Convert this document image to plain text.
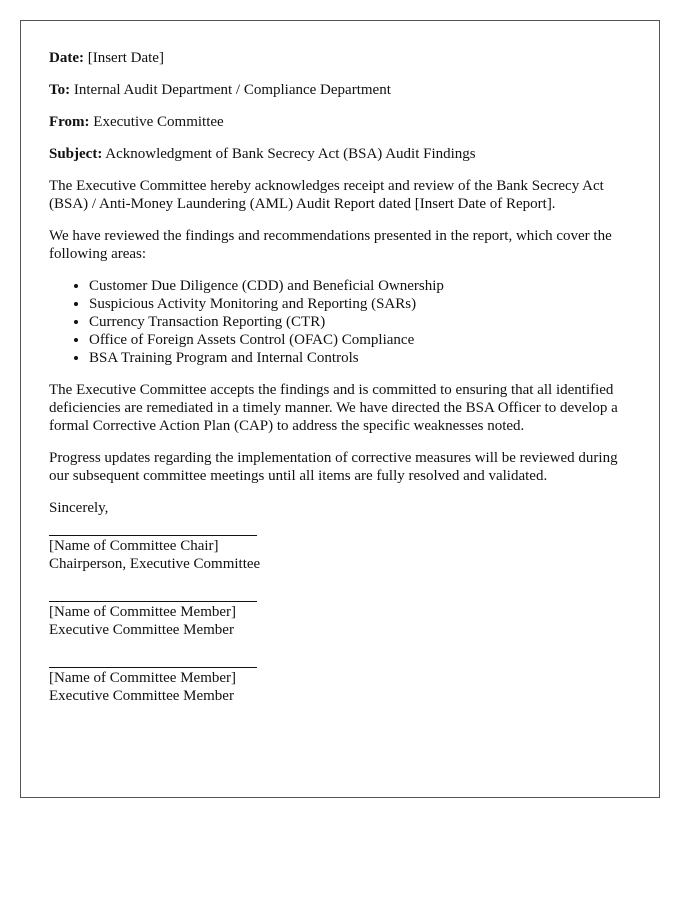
Date: [Insert Date]

To: Internal Audit Department / Compliance Department

From: Executive Committee

Subject: Acknowledgment of Bank Secrecy Act (BSA) Audit Findings

The Executive Committee hereby acknowledges receipt and review of the Bank Secrecy Act (BSA) / Anti-Money Laundering (AML) Audit Report dated [Insert Date of Report].

We have reviewed the findings and recommendations presented in the report, which cover the following areas:

• Customer Due Diligence (CDD) and Beneficial Ownership
• Suspicious Activity Monitoring and Reporting (SARs)
• Currency Transaction Reporting (CTR)
• Office of Foreign Assets Control (OFAC) Compliance
• BSA Training Program and Internal Controls

The Executive Committee accepts the findings and is committed to ensuring that all identified deficiencies are remediated in a timely manner. We have directed the BSA Officer to develop a formal Corrective Action Plan (CAP) to address the specific weaknesses noted.

Progress updates regarding the implementation of corrective measures will be reviewed during our subsequent committee meetings until all items are fully resolved and validated.

Sincerely,

[Name of Committee Chair]
Chairperson, Executive Committee
[Name of Committee Member]
Executive Committee Member
[Name of Committee Member]
Executive Committee Member
